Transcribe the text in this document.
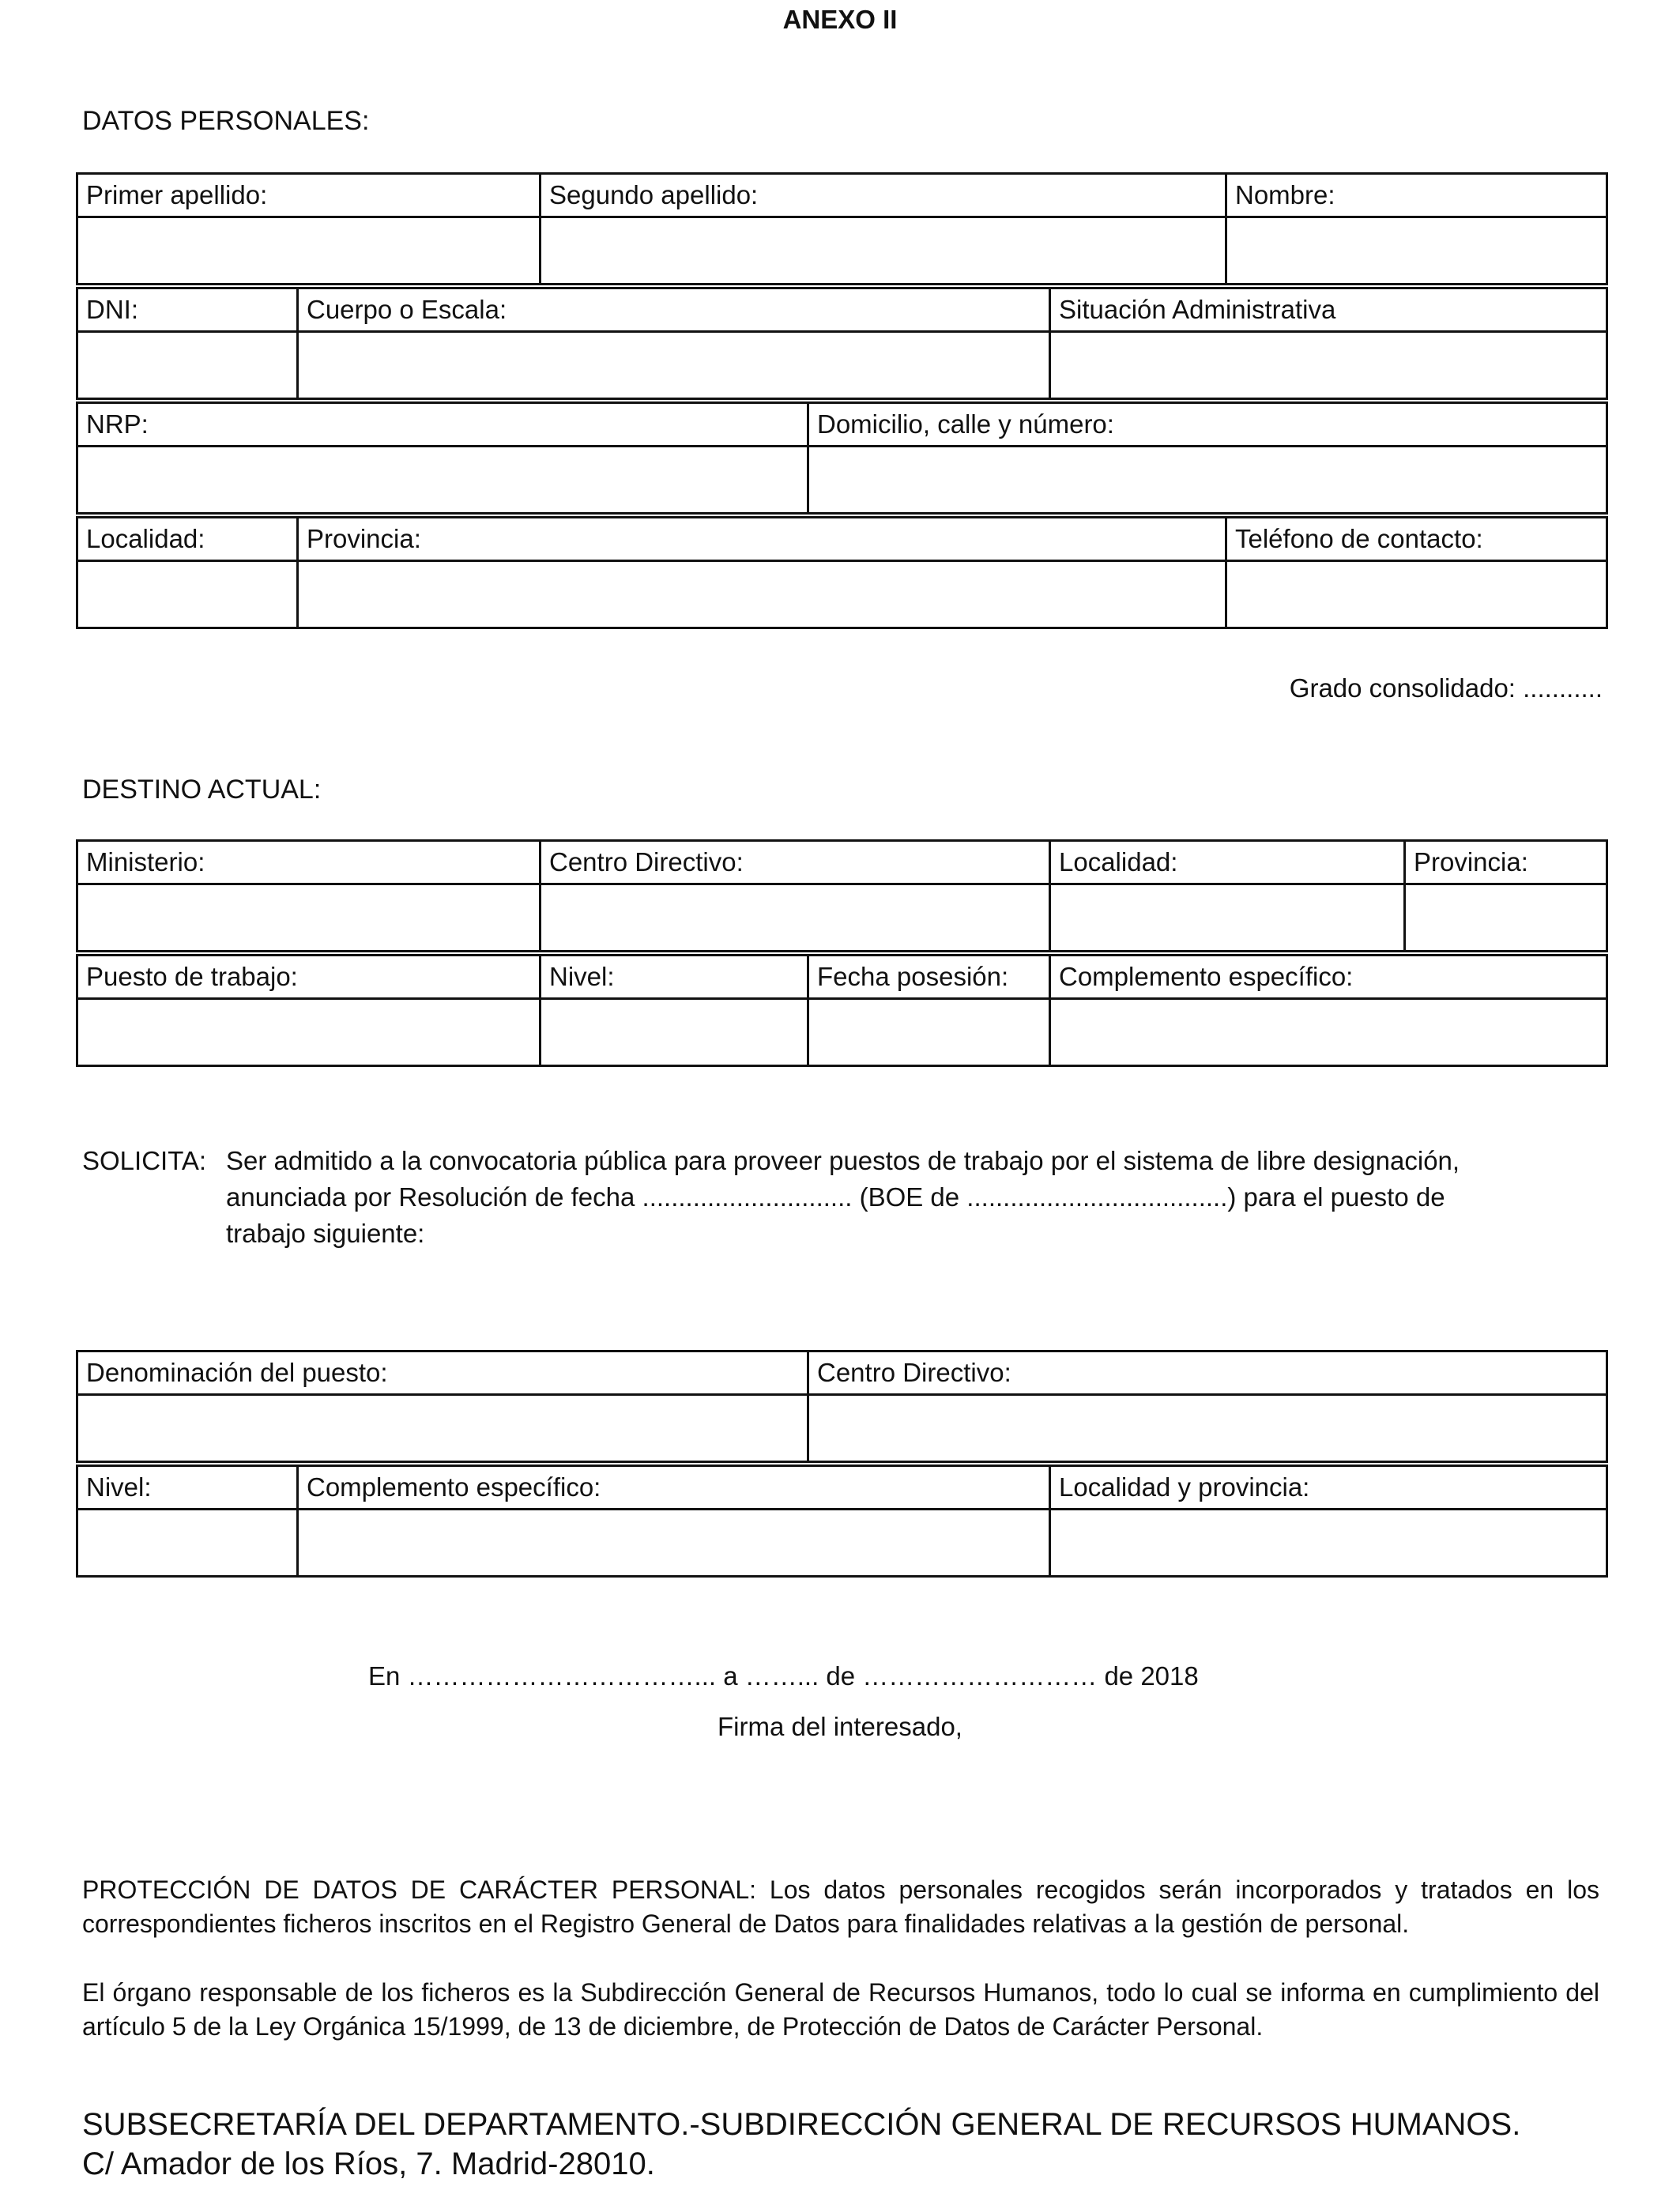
ANEXO II
DATOS PERSONALES:
Primer apellido:	Segundo apellido:	Nombre:

DNI:	Cuerpo o Escala:	Situación Administrativa

NRP:	Domicilio, calle y número:

Localidad:	Provincia:	Teléfono de contacto:

Grado consolidado: ...........
DESTINO ACTUAL:
Ministerio:	Centro Directivo:	Localidad:	Provincia:

Puesto de trabajo:	Nivel:	Fecha posesión:	Complemento específico:

SOLICITA: Ser admitido a la convocatoria pública para proveer puestos de trabajo por el sistema de libre designación,
anunciada por Resolución de fecha ............................. (BOE de ....................................) para el puesto de
trabajo siguiente:
Denominación del puesto:	Centro Directivo:

Nivel:	Complemento específico:	Localidad y provincia:

En ……………………………... a ……... de ……………………… de 2018
Firma del interesado,
PROTECCIÓN DE DATOS DE CARÁCTER PERSONAL: Los datos personales recogidos serán incorporados y tratados en los correspondientes ficheros inscritos en el Registro General de Datos para finalidades relativas a la gestión de personal.
El órgano responsable de los ficheros es la Subdirección General de Recursos Humanos, todo lo cual se informa en cumplimiento del artículo 5 de la Ley Orgánica 15/1999, de 13 de diciembre, de Protección de Datos de Carácter Personal.
SUBSECRETARÍA DEL DEPARTAMENTO.-SUBDIRECCIÓN GENERAL DE RECURSOS HUMANOS.
C/ Amador de los Ríos, 7. Madrid-28010.
